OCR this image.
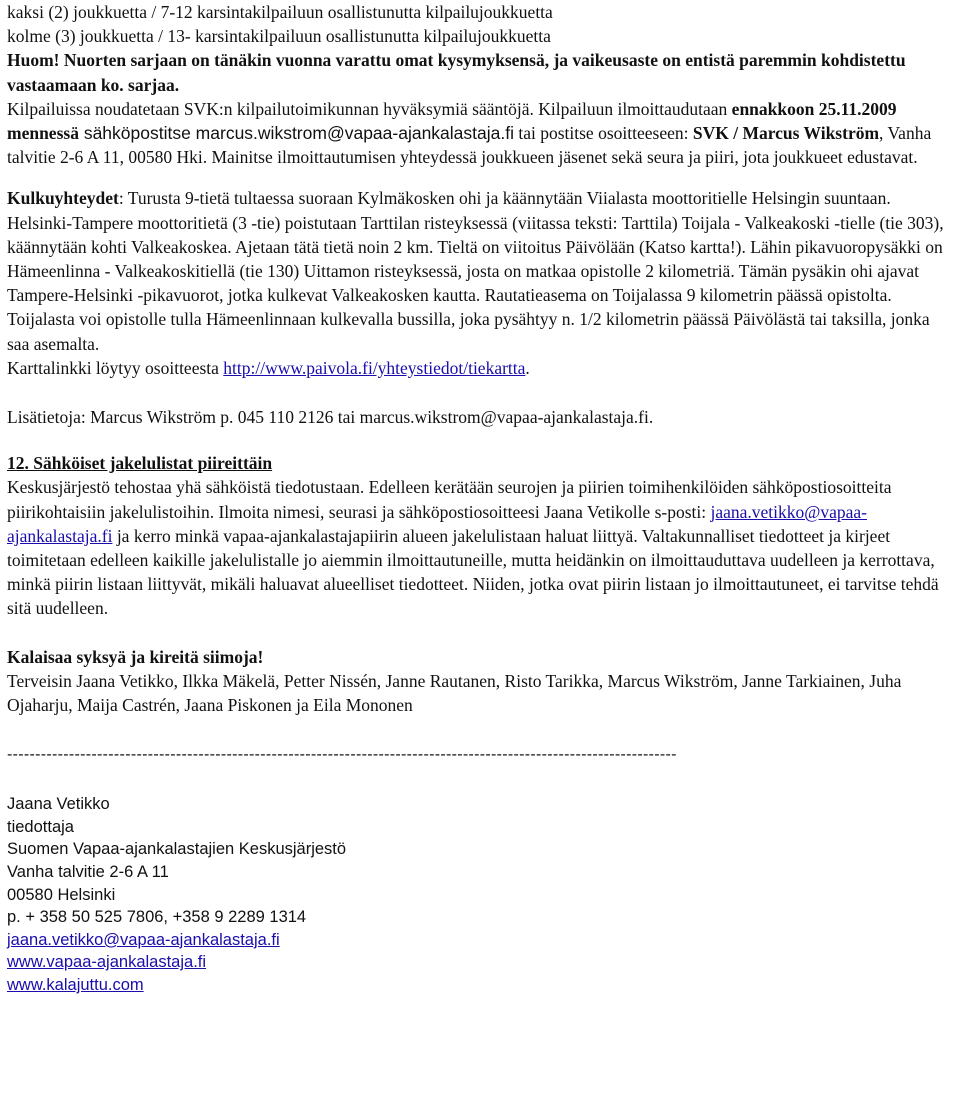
kaksi (2) joukkuetta / 7-12 karsintakilpailuun osallistunutta kilpailujoukkuetta

kolme (3) joukkuetta / 13- karsintakilpailuun osallistunutta kilpailujoukkuetta

Huom! Nuorten sarjaan on tänäkin vuonna varattu omat kysymyksensä, ja vaikeusaste on entistä paremmin kohdistettu vastaamaan ko. sarjaa.

Kilpailuissa noudatetaan SVK:n kilpailutoimikunnan hyväksymiä sääntöjä. Kilpailuun ilmoittaudutaan ennakkoon 25.11.2009 mennessä sähköpostitse marcus.wikstrom@vapaa-ajankalastaja.fi tai postitse osoitteeseen: SVK / Marcus Wikström, Vanha talvitie 2-6 A 11, 00580 Hki. Mainitse ilmoittautumisen yhteydessä joukkueen jäsenet sekä seura ja piiri, jota joukkueet edustavat.

Kulkuyhteydet: Turusta 9-tietä tultaessa suoraan Kylmäkosken ohi ja käännytään Viialasta moottoritielle Helsingin suuntaan. Helsinki-Tampere moottoritietä (3 -tie) poistutaan Tarttilan risteyksessä (viitassa teksti: Tarttila) Toijala - Valkeakoski -tielle (tie 303), käännytään kohti Valkeakoskea. Ajetaan tätä tietä noin 2 km. Tieltä on viitoitus Päivölään (Katso kartta!). Lähin pikavuoropysäkki on Hämeenlinna - Valkeakoskitiellä (tie 130) Uittamon risteyksessä, josta on matkaa opistolle 2 kilometriä. Tämän pysäkin ohi ajavat Tampere-Helsinki -pikavuorot, jotka kulkevat Valkeakosken kautta. Rautatieasema on Toijalassa 9 kilometrin päässä opistolta. Toijalasta voi opistolle tulla Hämeenlinnaan kulkevalla bussilla, joka pysähtyy n. 1/2 kilometrin päässä Päivölästä tai taksilla, jonka saa asemalta.

Karttalinkki löytyy osoitteesta http://www.paivola.fi/yhteystiedot/tiekartta.

Lisätietoja: Marcus Wikström p. 045 110 2126 tai marcus.wikstrom@vapaa-ajankalastaja.fi.

12. Sähköiset jakelulistat piireittäin

Keskusjärjestö tehostaa yhä sähköistä tiedotustaan. Edelleen kerätään seurojen ja piirien toimihenkilöiden sähköpostiosoitteita piirikohtaisiin jakelulistoihin. Ilmoita nimesi, seurasi ja sähköpostiosoitteesi Jaana Vetikolle s-posti: jaana.vetikko@vapaa-ajankalastaja.fi ja kerro minkä vapaa-ajankalastajapiirin alueen jakelulistaan haluat liittyä. Valtakunnalliset tiedotteet ja kirjeet toimitetaan edelleen kaikille jakelulistalle jo aiemmin ilmoittautuneille, mutta heidänkin on ilmoittauduttava uudelleen ja kerrottava, minkä piirin listaan liittyvät, mikäli haluavat alueelliset tiedotteet. Niiden, jotka ovat piirin listaan jo ilmoittautuneet, ei tarvitse tehdä sitä uudelleen.

Kalaisaa syksyä ja kireitä siimoja!

Terveisin Jaana Vetikko, Ilkka Mäkelä, Petter Nissén, Janne Rautanen, Risto Tarikka, Marcus Wikström, Janne Tarkiainen, Juha Ojaharju, Maija Castrén, Jaana Piskonen ja Eila Mononen

-----------------------------------------------------------------------------------------------------------------------

Jaana Vetikko

tiedottaja

Suomen Vapaa-ajankalastajien Keskusjärjestö

Vanha talvitie 2-6 A 11

00580 Helsinki

p. + 358 50 525 7806, +358 9 2289 1314

jaana.vetikko@vapaa-ajankalastaja.fi

www.vapaa-ajankalastaja.fi

www.kalajuttu.com
